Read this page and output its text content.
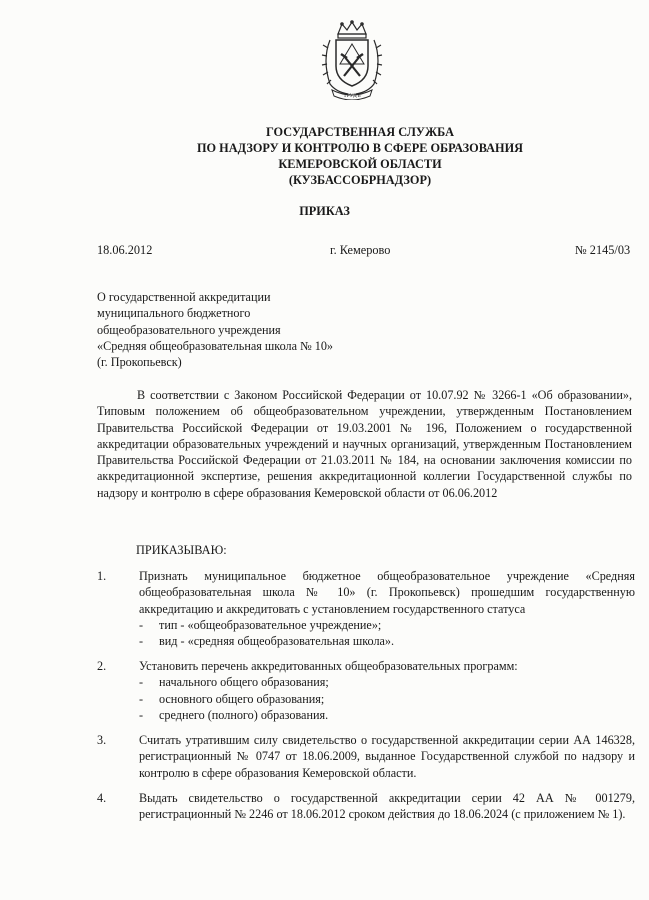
ТРУДЪ
ГОСУДАРСТВЕННАЯ СЛУЖБА
ПО НАДЗОРУ И КОНТРОЛЮ В СФЕРЕ ОБРАЗОВАНИЯ
КЕМЕРОВСКОЙ ОБЛАСТИ
(КУЗБАССОБРНАДЗОР)
ПРИКАЗ
18.06.2012	г. Кемерово	№ 2145/03
О государственной аккредитации
муниципального бюджетного
общеобразовательного учреждения
«Средняя общеобразовательная школа № 10»
(г. Прокопьевск)
В соответствии с Законом Российской Федерации от 10.07.92 № 3266-1 «Об образовании», Типовым положением об общеобразовательном учреждении, утвержденным Постановлением Правительства Российской Федерации от 19.03.2001 № 196, Положением о государственной аккредитации образовательных учреждений и научных организаций, утвержденным Постановлением Правительства Российской Федерации от 21.03.2011 № 184, на основании заключения комиссии по аккредитационной экспертизе, решения аккредитационной коллегии Государственной службы по надзору и контролю в сфере образования Кемеровской области от 06.06.2012
ПРИКАЗЫВАЮ:
1.	Признать муниципальное бюджетное общеобразовательное учреждение «Средняя общеобразовательная школа № 10» (г. Прокопьевск) прошедшим государственную аккредитацию и аккредитовать с установлением государственного статуса
-	тип - «общеобразовательное учреждение»;
-	вид - «средняя общеобразовательная школа».
2.	Установить перечень аккредитованных общеобразовательных программ:
-	начального общего образования;
-	основного общего образования;
-	среднего (полного) образования.
3.	Считать утратившим силу свидетельство о государственной аккредитации серии АА 146328, регистрационный № 0747 от 18.06.2009, выданное Государственной службой по надзору и контролю в сфере образования Кемеровской области.
4.	Выдать свидетельство о государственной аккредитации серии 42 АА № 001279, регистрационный № 2246 от 18.06.2012 сроком действия до 18.06.2024 (с приложением № 1).
